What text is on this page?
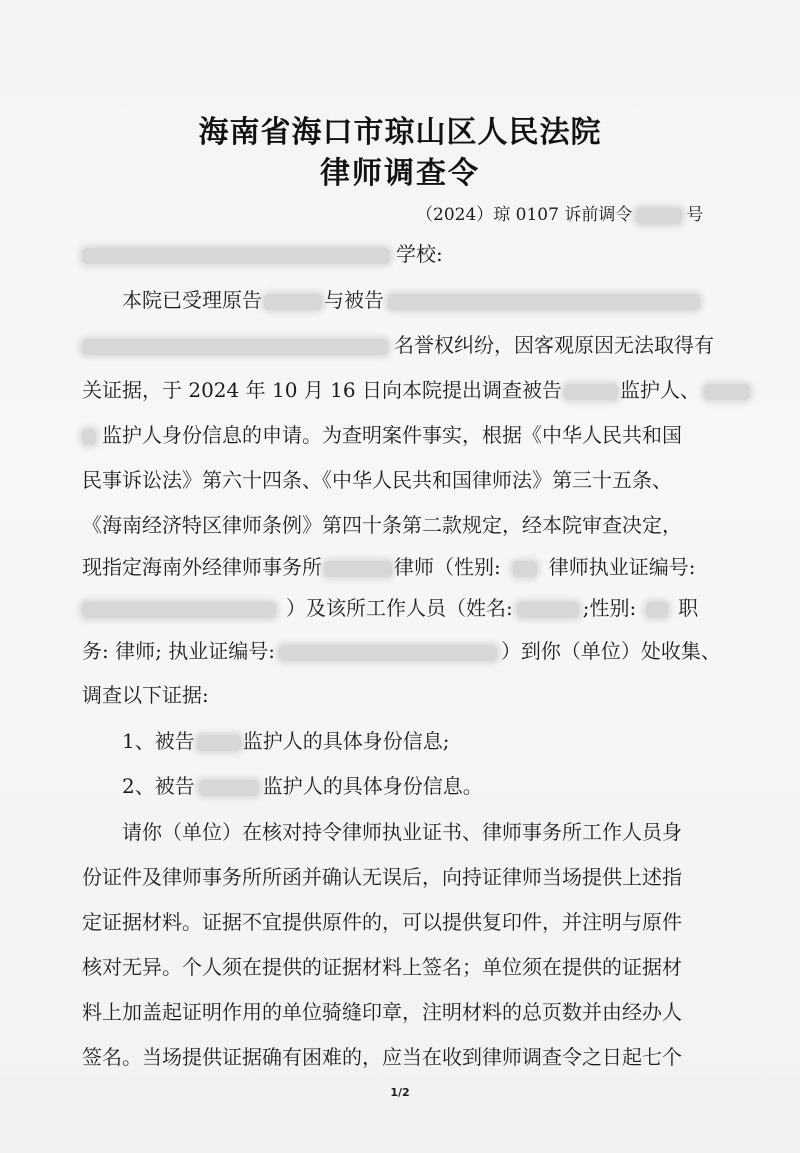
海南省海口市琼山区人民法院
律师调查令
（2024）琼 0107 诉前调令	号
学校:
本院已受理原告	与被告
名誉权纠纷，因客观原因无法取得有
关证据，于 2024 年 10 月 16 日向本院提出调查被告	监护人、
监护人身份信息的申请。为查明案件事实，根据《中华人民共和国
民事诉讼法》第六十四条、《中华人民共和国律师法》第三十五条、
《海南经济特区律师条例》第四十条第二款规定，经本院审查决定，
现指定海南外经律师事务所	律师（性别: 律师执业证编号:
）及该所工作人员（姓名:	;性别: 职
务: 律师; 执业证编号:	）到你（单位）处收集、
调查以下证据:
1、被告 监护人的具体身份信息;
2、被告	监护人的具体身份信息。
请你（单位）在核对持令律师执业证书、律师事务所工作人员身
份证件及律师事务所所函并确认无误后，向持证律师当场提供上述指
定证据材料。证据不宜提供原件的，可以提供复印件，并注明与原件
核对无异。个人须在提供的证据材料上签名；单位须在提供的证据材
料上加盖起证明作用的单位骑缝印章，注明材料的总页数并由经办人
签名。当场提供证据确有困难的，应当在收到律师调查令之日起七个
1/2
